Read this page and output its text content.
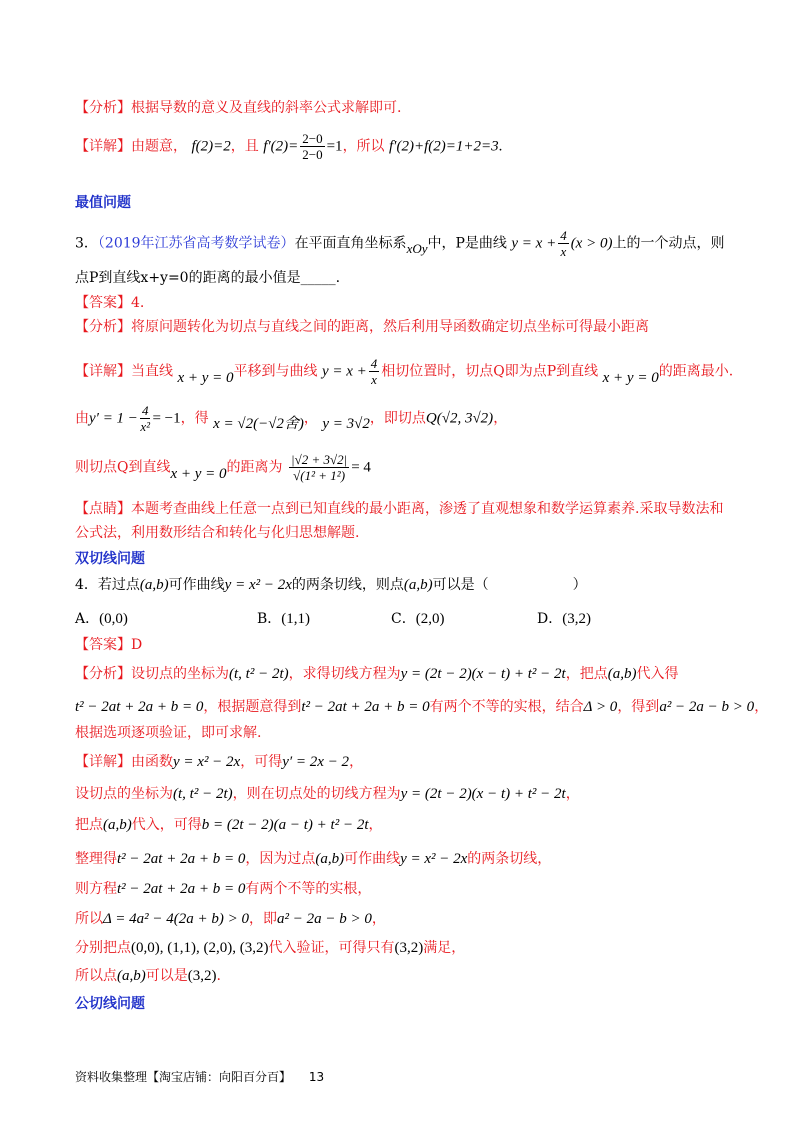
【分析】根据导数的意义及直线的斜率公式求解即可.
【详解】由题意， f(2)=2，且 $f'(2)= \frac{2-0}{2-0} =1$，所以 f′(2)+f(2)=1+2=3.
最值问题
3．（2019年江苏省高考数学试卷）在平面直角坐标系xOy中，P是曲线 $y = x + \frac{4}{x} (x > 0)$上的一个动点，则
点P到直线x+y=0的距离的最小值是_____.
【答案】4.
【分析】将原问题转化为切点与直线之间的距离，然后利用导函数确定切点坐标可得最小距离
【详解】当直线 x + y = 0平移到与曲线 $y = x + \frac{4}{x}$ 相切位置时，切点Q即为点P到直线 x + y = 0的距离最小.
由$y' = 1 - \frac{4}{\text{x²}} = -1$，得 x = √2(−√2舍)， y = 3√2，即切点Q(√2, 3√2)，
则切点Q到直线x + y = 0的距离为 $\frac{|√2 + 3√2|}{\text{√(1² + 1²)}} = 4$
【点睛】本题考查曲线上任意一点到已知直线的最小距离，渗透了直观想象和数学运算素养.采取导数法和
公式法，利用数形结合和转化与化归思想解题.
双切线问题
4．若过点(a,b)可作曲线y = x² − 2x的两条切线，则点(a,b)可以是（　　　　　　）
A．(0,0)	B．(1,1)	C．(2,0)	D．(3,2)
【答案】D
【分析】设切点的坐标为(t, t² − 2t)，求得切线方程为y = (2t − 2)(x − t) + t² − 2t，把点(a,b)代入得
t² − 2at + 2a + b = 0，根据题意得到t² − 2at + 2a + b = 0有两个不等的实根，结合Δ > 0，得到a² − 2a − b > 0，
根据选项逐项验证，即可求解.
【详解】由函数y = x² − 2x，可得y′ = 2x − 2，
设切点的坐标为(t, t² − 2t)，则在切点处的切线方程为y = (2t − 2)(x − t) + t² − 2t，
把点(a,b)代入，可得b = (2t − 2)(a − t) + t² − 2t，
整理得t² − 2at + 2a + b = 0，因为过点(a,b)可作曲线y = x² − 2x的两条切线，
则方程t² − 2at + 2a + b = 0有两个不等的实根，
所以Δ = 4a² − 4(2a + b) > 0，即a² − 2a − b > 0，
分别把点(0,0), (1,1), (2,0), (3,2)代入验证，可得只有(3,2)满足，
所以点(a,b)可以是(3,2).
公切线问题
资料收集整理【淘宝店铺：向阳百分百】 13
